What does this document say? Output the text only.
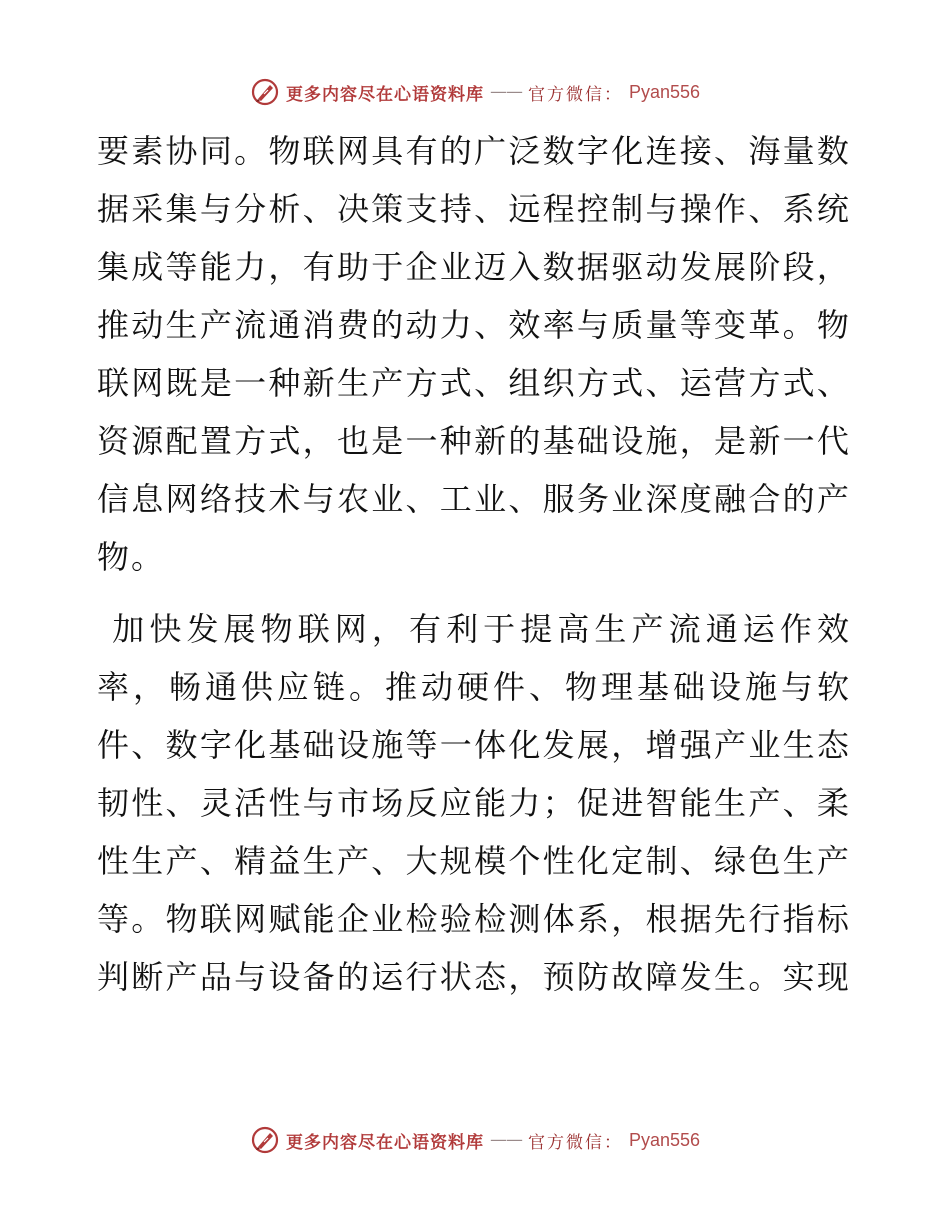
更多内容尽在心语资料库 —— 官方微信： Pyan556

要素协同。物联网具有的广泛数字化连接、海量数
据采集与分析、决策支持、远程控制与操作、系统
集成等能力，有助于企业迈入数据驱动发展阶段，
推动生产流通消费的动力、效率与质量等变革。物
联网既是一种新生产方式、组织方式、运营方式、
资源配置方式，也是一种新的基础设施，是新一代
信息网络技术与农业、工业、服务业深度融合的产
物。

加快发展物联网，有利于提高生产流通运作效
率，畅通供应链。推动硬件、物理基础设施与软
件、数字化基础设施等一体化发展，增强产业生态
韧性、灵活性与市场反应能力；促进智能生产、柔
性生产、精益生产、大规模个性化定制、绿色生产
等。物联网赋能企业检验检测体系，根据先行指标
判断产品与设备的运行状态，预防故障发生。实现

更多内容尽在心语资料库 —— 官方微信： Pyan556
